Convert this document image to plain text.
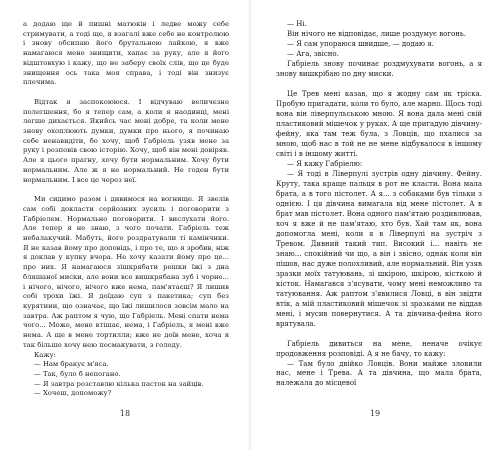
а додаю ще й пишні матюків і ледве можу себе стримувати, а тоді ще, я взагалі вже себе не контролюю і знову обсипаю його брутальною лайкою, я вже намагаюся мене знищити, хапає за руку, але я його відштовхую і кажу, що не заберу своїх слів, що це буде знищення ось така моя справа, і тоді він знизує плечима.

Відтак я заспокоююся. І відчуваю величезне полегшення, бо я тепер сам, а коли я наодинці, мені легше дихається. Якийсь час мені добре, та коли мене знову охоплюють думки, думки про нього, я починаю себе ненавидіти, бо хочу, щоб Габріель узяв мене за руку і розповів свою історію. Хочу, щоб він мені довіряв. Але я цього прагну, хочу бути нормальним. Хочу бути нормальним. Але ж я не нормальний. Не годен бути нормальним. І все це через неї.

Ми сидимо разом і дивимося на вогнище. Я звелів сам собі докласти серйозних зусиль і поговорити з Габріелем. Нормально поговорити. І вислухати його. Але тепер я не знаю, з чого почати. Габріель теж небалакучий. Мабуть, його роздратували ті камінчики. Я не казав йому про доповідь, і про те, що я зробив, ніж я доклав у купку вчора. Не хочу казати йому про це... про них. Я намагаюся зішкрябати решки їжі з дна бляшаної миски, але вони все вишкрябана зуб і чорне... і нічого, нічого, нічого вже нема, пам'ятаєш? Я лишив собі трохи їжі. Я доїдаю суп з пакетика; суп без курятини, що означає, що їжі лишилося зовсім мало на завтра. Аж раптом я чую, що Габріель. Мені спати нема чого... Може, мене втішає, нема, і Габріель, я мені вже нема. А ще в мене тортилля; вже не доїв мене, хоча я так більше хочу нею посмакувати, з голоду.

Кажу:

— Нам бракує м'яса.

— Так, було б непогано.

— Я завтра розставлю кілька пасток на зайців.

— Хочеш, допоможу?

18

— Ні.

Він нічого не відповідає, лише роздумує вогонь.

— Я сам упораюся швидше, — додаю я.

— Ага, звісно.

Габріель знову починає роздмухувати вогонь, а я знову вишкрібаю по дну миски.

Це Трев мені казав, що я жодну сам як тріска. Пробую пригадати, коли то було, але марно. Щось тоді вона він ліверпульською мною. Я вона дала мені свій пластиковий мішечок у руках. А ще пригадую дівчину-фейну, яка там теж була, з Ловців, що пхалися за мною, щоб нас в той не не мене відбувалося в іншому світі і в іншому житті.

— Я кажу Габріелю:

— Я тоді в Ліверпулі зустрів одну дівчину. Фейну. Круту, така краще пальця в рот не класти. Вона мала брата, а в того пістолет. А я... з собаками був тільки з однією. І ця дівчина вимагала від мене пістолет. А в брат мав пістолет. Вона одного пам'ятаю роздивлював, хоч я вже й не пам'ятаю, хто був. Хай там як, вона допомогла мені, коли я в Ліверпулі на зустріч з Тревом. Дивний такий тип. Високий і... навіть не знаю... спокійний чи що, а він і звісно, однак коли він пішов, нас дуже полохливий, але нормальний. Він узяв зразки моїх татуювань, зі шкірою, шкірою, кісткою й кісток. Намагався з'ясувати, чому мені неможливо та татуювання. Аж раптом з'явилися Ловці, в він звідти втік, а мій пластиковий мішечок зі зразками не віддав мені, і мусив повернутися. А та дівчина-фейна його врятувала.

Габріель дивиться на мене, неначе очікує продовження розповіді. А я не бачу, то кажу:

— Там було двійко Ловців. Вони майже зловили нас, мене і Трева. А та дівчина, що мала брата, належала до місцевої

19
